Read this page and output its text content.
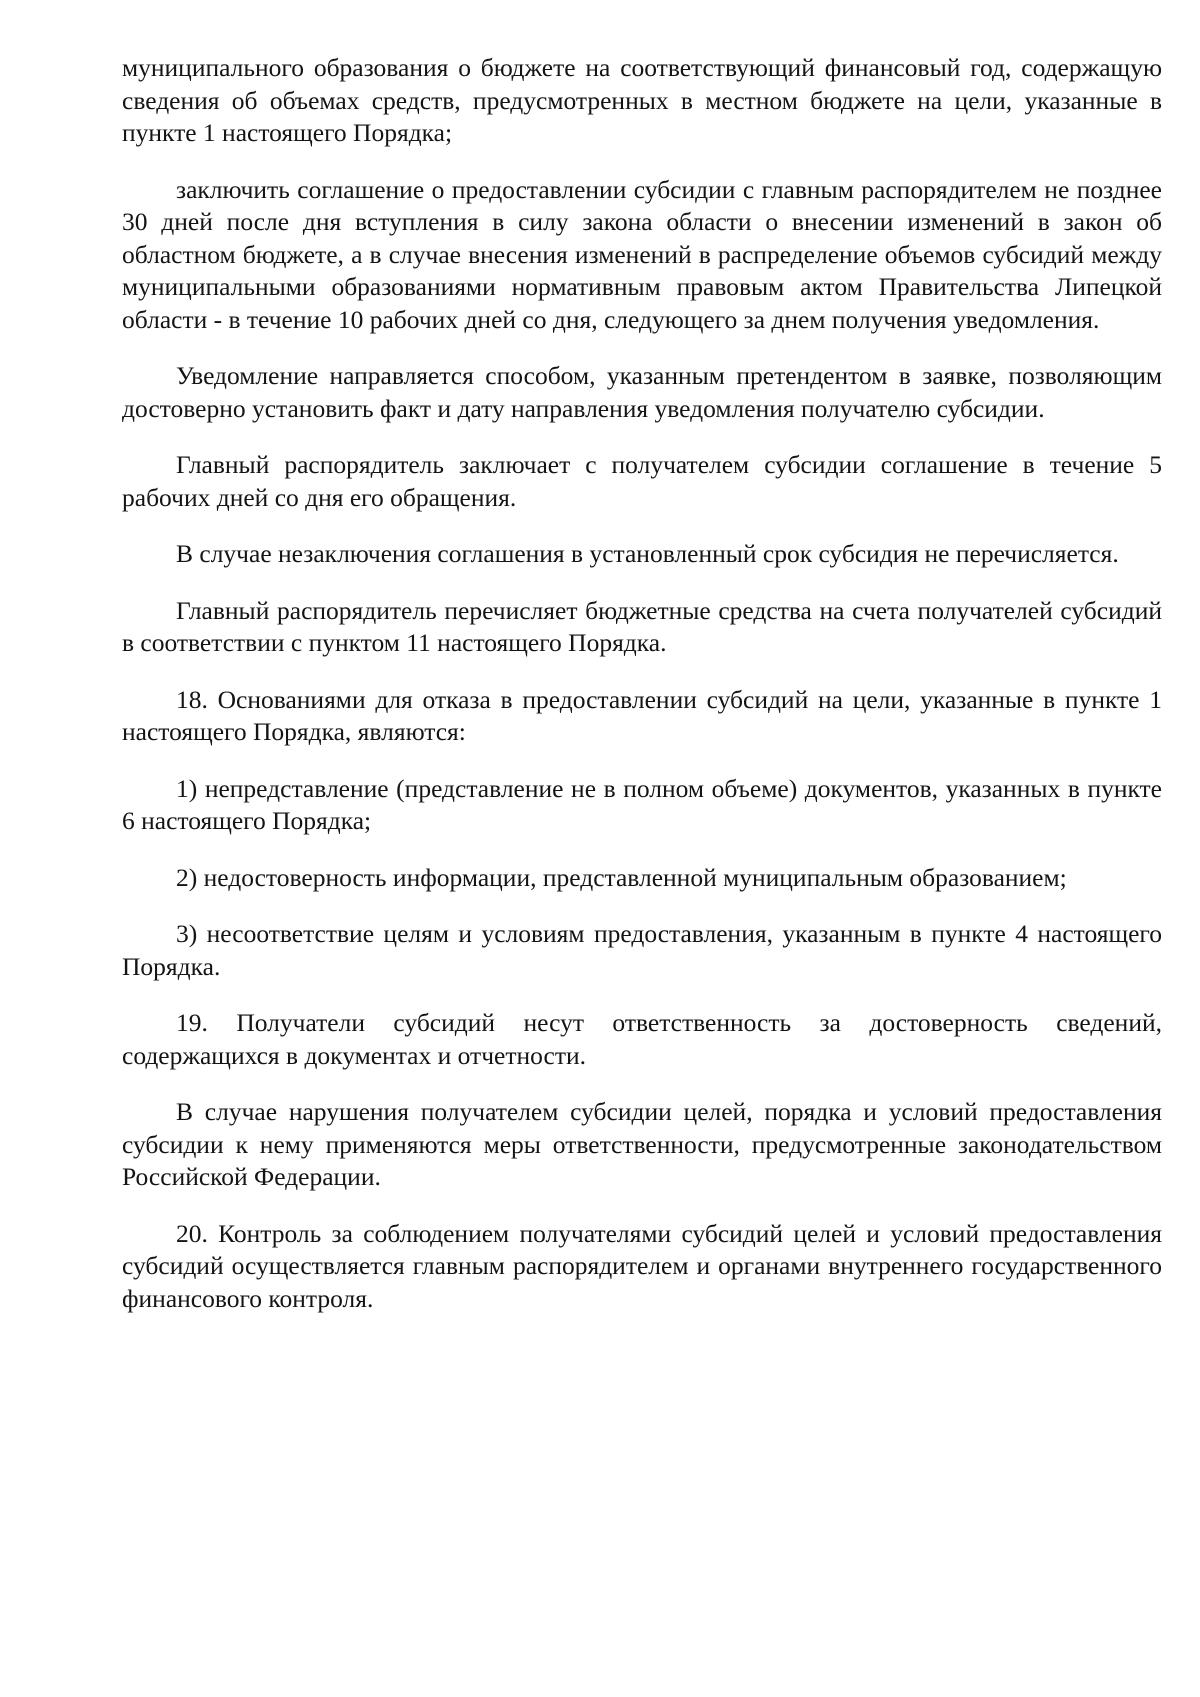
муниципального образования о бюджете на соответствующий финансовый год, содержащую сведения об объемах средств, предусмотренных в местном бюджете на цели, указанные в пункте 1 настоящего Порядка;

заключить соглашение о предоставлении субсидии с главным распорядителем не позднее 30 дней после дня вступления в силу закона области о внесении изменений в закон об областном бюджете, а в случае внесения изменений в распределение объемов субсидий между муниципальными образованиями нормативным правовым актом Правительства Липецкой области - в течение 10 рабочих дней со дня, следующего за днем получения уведомления.

Уведомление направляется способом, указанным претендентом в заявке, позволяющим достоверно установить факт и дату направления уведомления получателю субсидии.

Главный распорядитель заключает с получателем субсидии соглашение в течение 5 рабочих дней со дня его обращения.

В случае незаключения соглашения в установленный срок субсидия не перечисляется.

Главный распорядитель перечисляет бюджетные средства на счета получателей субсидий в соответствии с пунктом 11 настоящего Порядка.

18. Основаниями для отказа в предоставлении субсидий на цели, указанные в пункте 1 настоящего Порядка, являются:

1) непредставление (представление не в полном объеме) документов, указанных в пункте 6 настоящего Порядка;

2) недостоверность информации, представленной муниципальным образованием;

3) несоответствие целям и условиям предоставления, указанным в пункте 4 настоящего Порядка.

19. Получатели субсидий несут ответственность за достоверность сведений, содержащихся в документах и отчетности.

В случае нарушения получателем субсидии целей, порядка и условий предоставления субсидии к нему применяются меры ответственности, предусмотренные законодательством Российской Федерации.

20. Контроль за соблюдением получателями субсидий целей и условий предоставления субсидий осуществляется главным распорядителем и органами внутреннего государственного финансового контроля.
